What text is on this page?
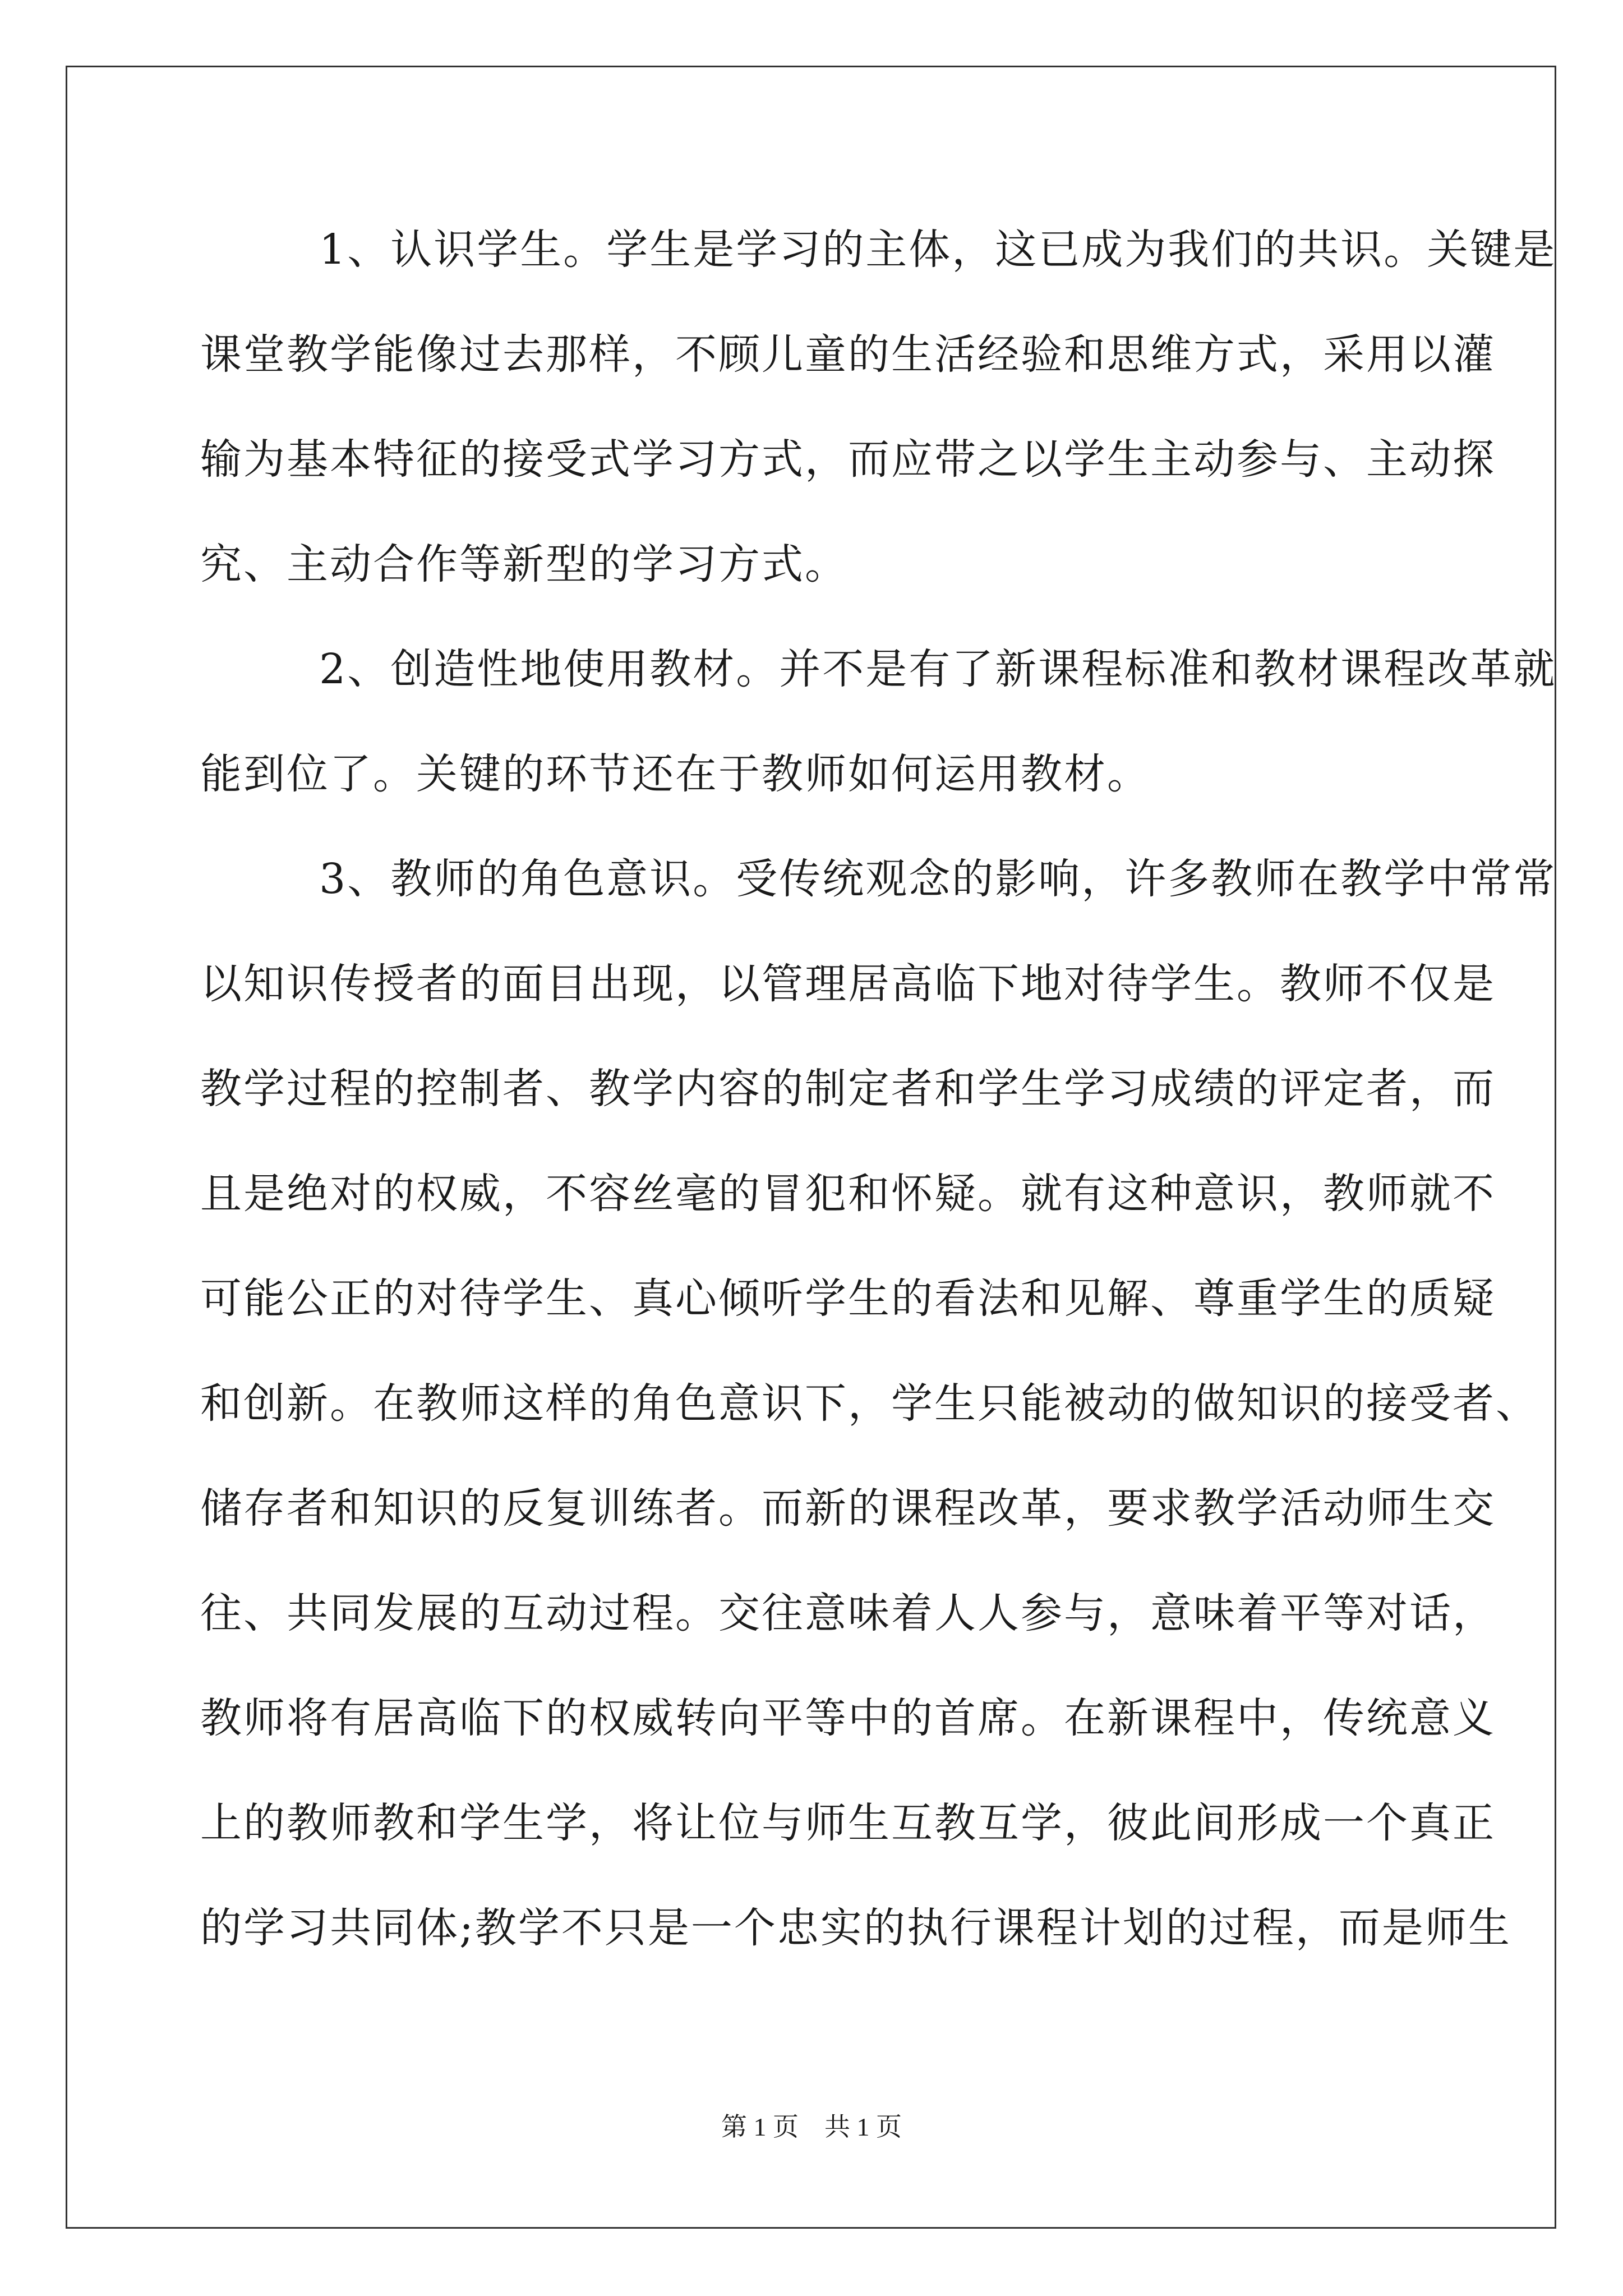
1、认识学生。学生是学习的主体，这已成为我们的共识。关键是
课堂教学能像过去那样，不顾儿童的生活经验和思维方式，采用以灌
输为基本特征的接受式学习方式，而应带之以学生主动参与、主动探
究、主动合作等新型的学习方式。
2、创造性地使用教材。并不是有了新课程标准和教材课程改革就
能到位了。关键的环节还在于教师如何运用教材。
3、教师的角色意识。受传统观念的影响，许多教师在教学中常常
以知识传授者的面目出现，以管理居高临下地对待学生。教师不仅是
教学过程的控制者、教学内容的制定者和学生学习成绩的评定者，而
且是绝对的权威，不容丝毫的冒犯和怀疑。就有这种意识，教师就不
可能公正的对待学生、真心倾听学生的看法和见解、尊重学生的质疑
和创新。在教师这样的角色意识下，学生只能被动的做知识的接受者、
储存者和知识的反复训练者。而新的课程改革，要求教学活动师生交
往、共同发展的互动过程。交往意味着人人参与，意味着平等对话，
教师将有居高临下的权威转向平等中的首席。在新课程中，传统意义
上的教师教和学生学，将让位与师生互教互学，彼此间形成一个真正
的学习共同体;教学不只是一个忠实的执行课程计划的过程，而是师生
第 1 页    共 1 页
